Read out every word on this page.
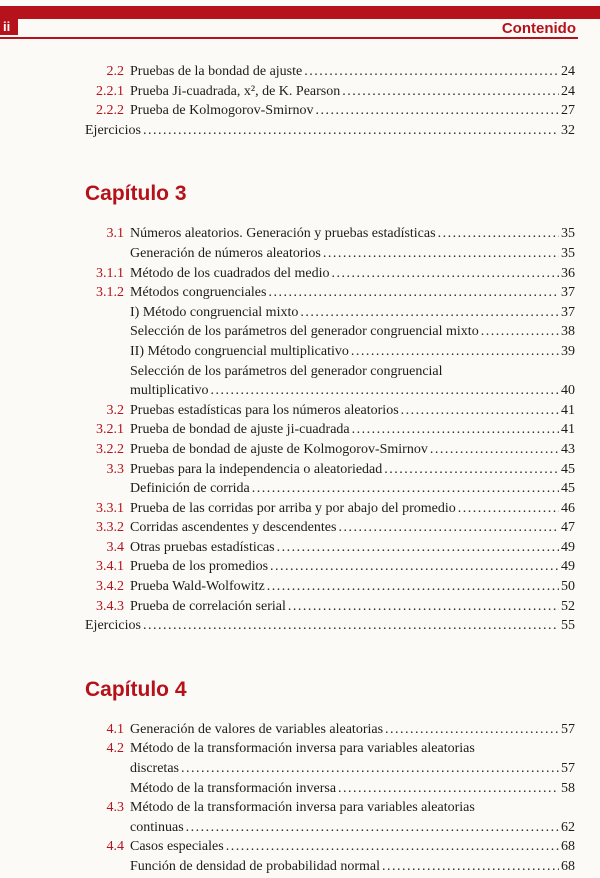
ii	Contenido
2.2 Pruebas de la bondad de ajuste .....	24
2.2.1 Prueba Ji-cuadrada, x², de K. Pearson .....	24
2.2.2 Prueba de Kolmogorov-Smirnov .....	27
Ejercicios .....	32
Capítulo 3
3.1 Números aleatorios. Generación y pruebas estadísticas .....	35
Generación de números aleatorios .....	35
3.1.1 Método de los cuadrados del medio .....	36
3.1.2 Métodos congruenciales .....	37
I) Método congruencial mixto .....	37
Selección de los parámetros del generador congruencial mixto .....	38
II) Método congruencial multiplicativo .....	39
Selección de los parámetros del generador congruencial
multiplicativo .....	40
3.2 Pruebas estadísticas para los números aleatorios .....	41
3.2.1 Prueba de bondad de ajuste ji-cuadrada .....	41
3.2.2 Prueba de bondad de ajuste de Kolmogorov-Smirnov .....	43
3.3 Pruebas para la independencia o aleatoriedad .....	45
Definición de corrida .....	45
3.3.1 Prueba de las corridas por arriba y por abajo del promedio .....	46
3.3.2 Corridas ascendentes y descendentes .....	47
3.4 Otras pruebas estadísticas .....	49
3.4.1 Prueba de los promedios .....	49
3.4.2 Prueba Wald-Wolfowitz .....	50
3.4.3 Prueba de correlación serial .....	52
Ejercicios .....	55
Capítulo 4
4.1 Generación de valores de variables aleatorias .....	57
4.2 Método de la transformación inversa para variables aleatorias
discretas .....	57
Método de la transformación inversa .....	58
4.3 Método de la transformación inversa para variables aleatorias
continuas .....	62
4.4 Casos especiales .....	68
Función de densidad de probabilidad normal .....	68
